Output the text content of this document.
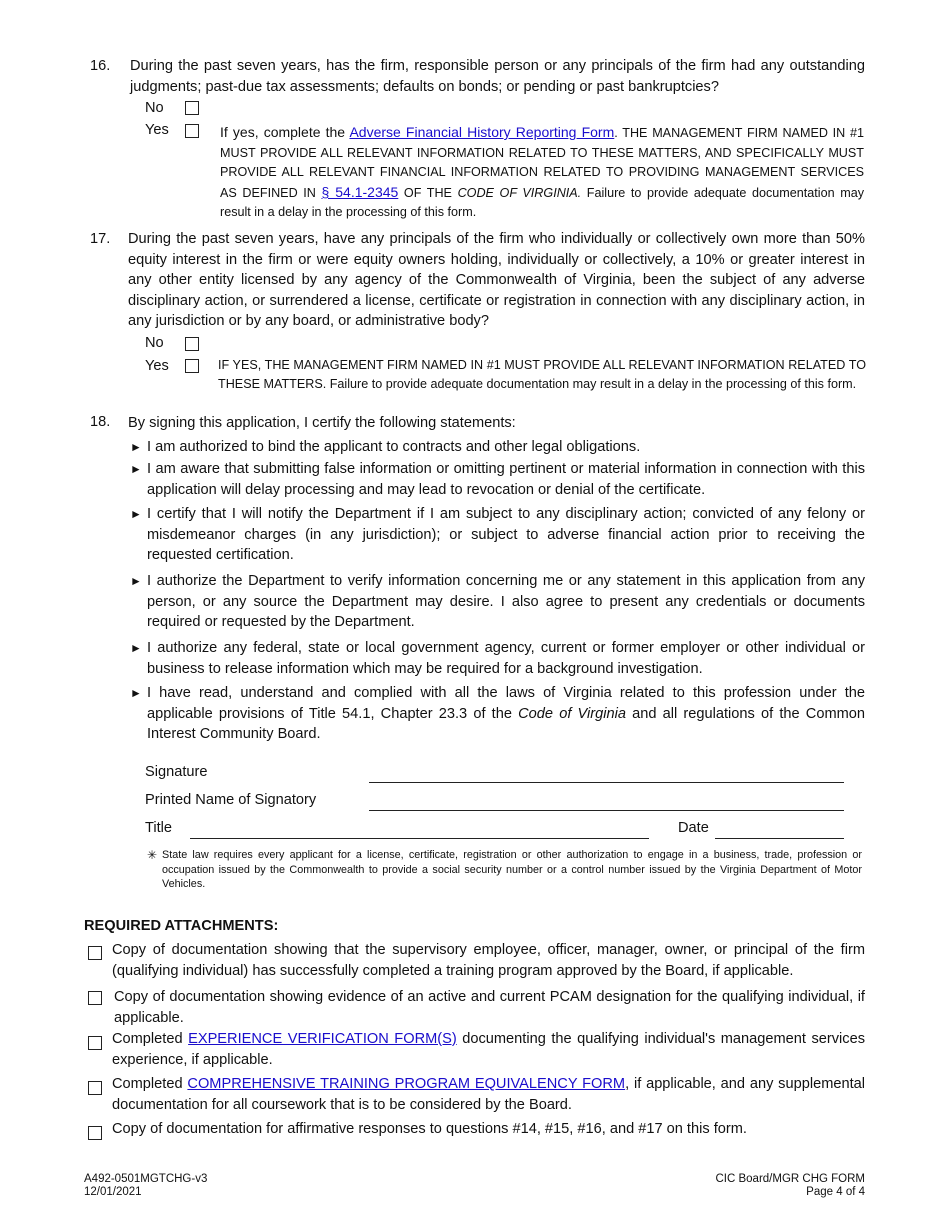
16. During the past seven years, has the firm, responsible person or any principals of the firm had any outstanding judgments; past-due tax assessments; defaults on bonds; or pending or past bankruptcies?
No
Yes	If yes, complete the Adverse Financial History Reporting Form. THE MANAGEMENT FIRM NAMED IN #1 MUST PROVIDE ALL RELEVANT INFORMATION RELATED TO THESE MATTERS, AND SPECIFICALLY MUST PROVIDE ALL RELEVANT FINANCIAL INFORMATION RELATED TO PROVIDING MANAGEMENT SERVICES AS DEFINED IN § 54.1-2345 OF THE CODE OF VIRGINIA. Failure to provide adequate documentation may result in a delay in the processing of this form.
17. During the past seven years, have any principals of the firm who individually or collectively own more than 50% equity interest in the firm or were equity owners holding, individually or collectively, a 10% or greater interest in any other entity licensed by any agency of the Commonwealth of Virginia, been the subject of any adverse disciplinary action, or surrendered a license, certificate or registration in connection with any disciplinary action, in any jurisdiction or by any board, or administrative body?
No
Yes	IF YES, THE MANAGEMENT FIRM NAMED IN #1 MUST PROVIDE ALL RELEVANT INFORMATION RELATED TO THESE MATTERS. Failure to provide adequate documentation may result in a delay in the processing of this form.
18. By signing this application, I certify the following statements:
► I am authorized to bind the applicant to contracts and other legal obligations.
► I am aware that submitting false information or omitting pertinent or material information in connection with this application will delay processing and may lead to revocation or denial of the certificate.
► I certify that I will notify the Department if I am subject to any disciplinary action; convicted of any felony or misdemeanor charges (in any jurisdiction); or subject to adverse financial action prior to receiving the requested certification.
► I authorize the Department to verify information concerning me or any statement in this application from any person, or any source the Department may desire. I also agree to present any credentials or documents required or requested by the Department.
► I authorize any federal, state or local government agency, current or former employer or other individual or business to release information which may be required for a background investigation.
► I have read, understand and complied with all the laws of Virginia related to this profession under the applicable provisions of Title 54.1, Chapter 23.3 of the Code of Virginia and all regulations of the Common Interest Community Board.
Signature
Printed Name of Signatory
Title	Date
✳ State law requires every applicant for a license, certificate, registration or other authorization to engage in a business, trade, profession or occupation issued by the Commonwealth to provide a social security number or a control number issued by the Virginia Department of Motor Vehicles.
REQUIRED ATTACHMENTS:
Copy of documentation showing that the supervisory employee, officer, manager, owner, or principal of the firm (qualifying individual) has successfully completed a training program approved by the Board, if applicable.
Copy of documentation showing evidence of an active and current PCAM designation for the qualifying individual, if applicable.
Completed EXPERIENCE VERIFICATION FORM(S) documenting the qualifying individual's management services experience, if applicable.
Completed COMPREHENSIVE TRAINING PROGRAM EQUIVALENCY FORM, if applicable, and any supplemental documentation for all coursework that is to be considered by the Board.
Copy of documentation for affirmative responses to questions #14, #15, #16, and #17 on this form.
A492-0501MGTCHG-v3
12/01/2021
CIC Board/MGR CHG FORM
Page 4 of 4
